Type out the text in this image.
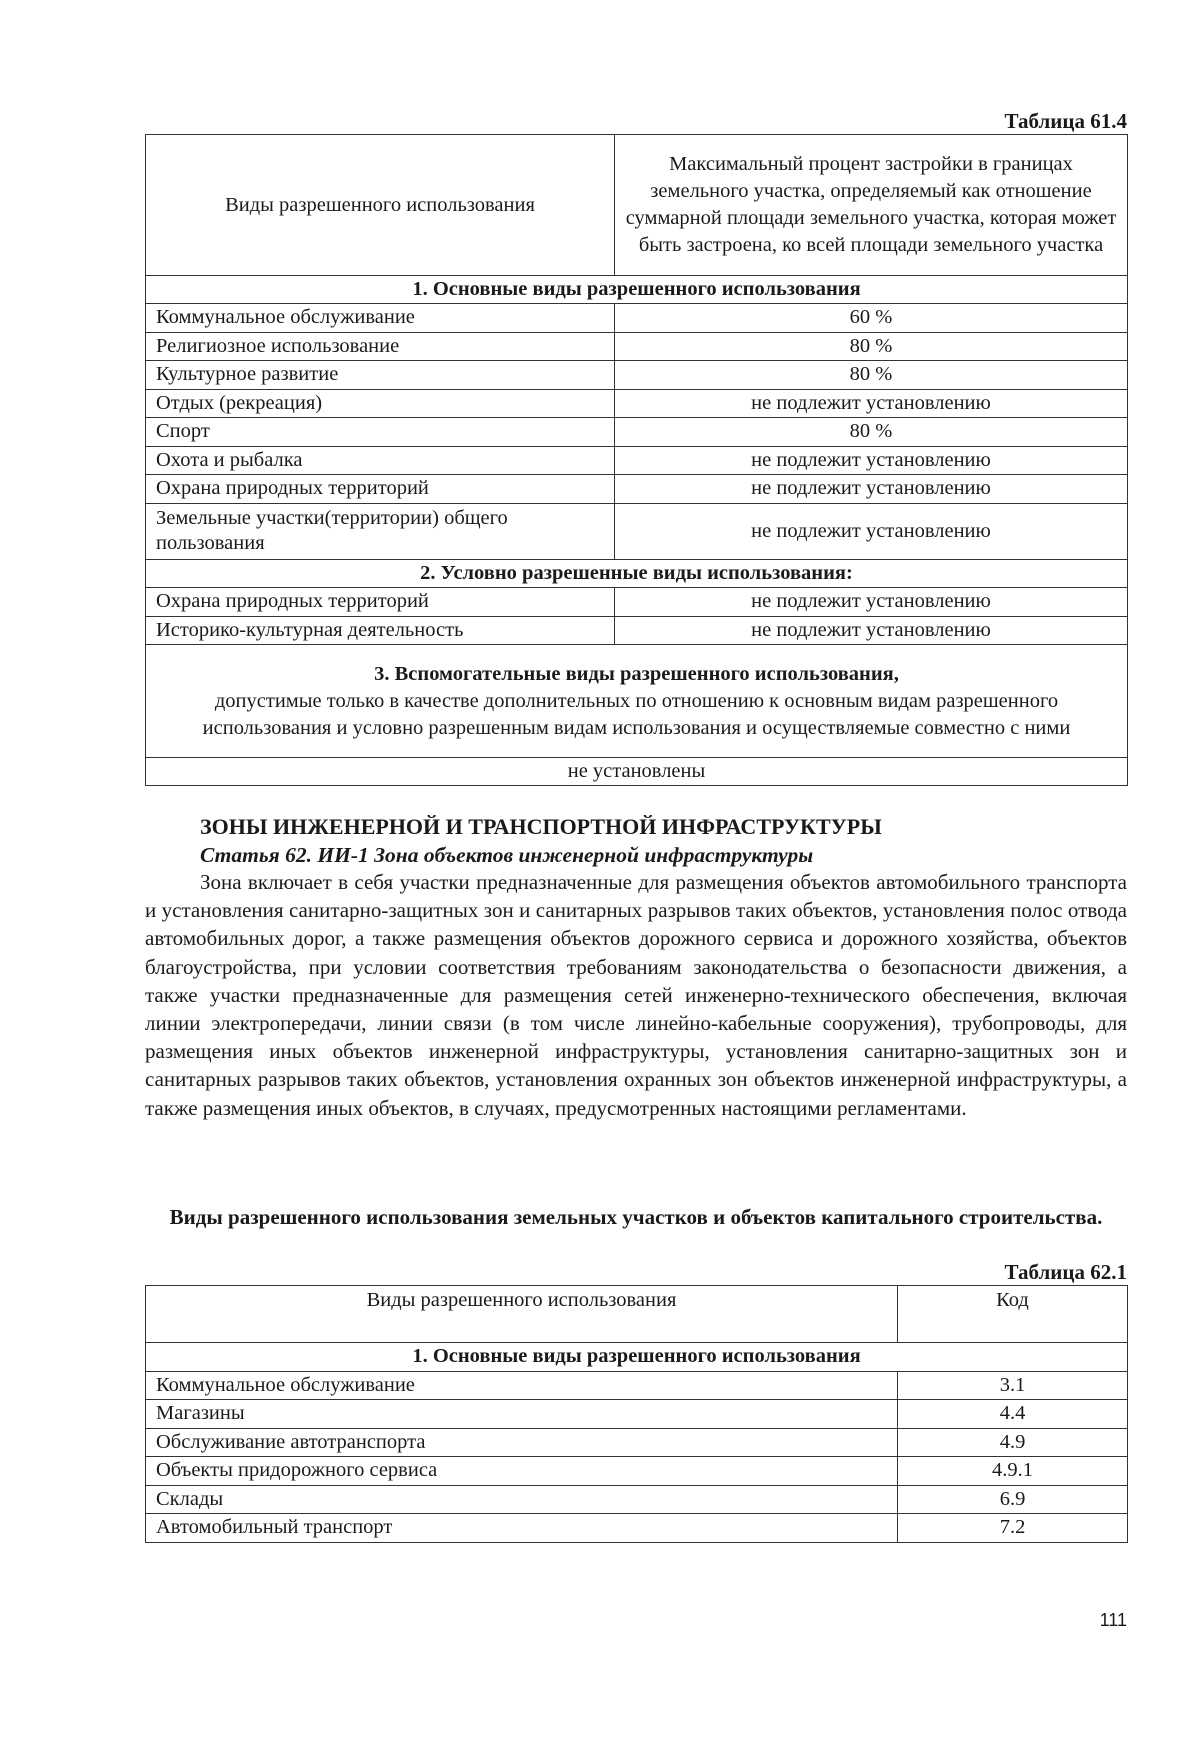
Таблица 61.4
Виды разрешенного использования	Максимальный процент застройки в границах земельного участка, определяемый как отношение суммарной площади земельного участка, которая может быть застроена, ко всей площади земельного участка
1. Основные виды разрешенного использования	
Коммунальное обслуживание	60 %
Религиозное использование	80 %
Культурное развитие	80 %
Отдых (рекреация)	не подлежит установлению
Спорт	80 %
Охота и рыбалка	не подлежит установлению
Охрана природных территорий	не подлежит установлению
Земельные участки(территории) общего пользования	не подлежит установлению
2. Условно разрешенные виды использования:	
Охрана природных территорий	не подлежит установлению
Историко-культурная деятельность	не подлежит установлению
3. Вспомогательные виды разрешенного использования,
допустимые только в качестве дополнительных по отношению к основным видам разрешенного использования и условно разрешенным видам использования и осуществляемые совместно с ними	
не установлены	
ЗОНЫ ИНЖЕНЕРНОЙ И ТРАНСПОРТНОЙ ИНФРАСТРУКТУРЫ
Статья 62. ИИ-1 Зона объектов инженерной инфраструктуры

Зона включает в себя участки предназначенные для размещения объектов автомобильного транспорта и установления санитарно-защитных зон и санитарных разрывов таких объектов, установления полос отвода автомобильных дорог, а также размещения объектов дорожного сервиса и дорожного хозяйства, объектов благоустройства, при условии соответствия требованиям законодательства о безопасности движения, а также участки предназначенные для размещения сетей инженерно-технического обеспечения, включая линии электропередачи, линии связи (в том числе линейно-кабельные сооружения), трубопроводы, для размещения иных объектов инженерной инфраструктуры, установления санитарно-защитных зон и санитарных разрывов таких объектов, установления охранных зон объектов инженерной инфраструктуры, а также размещения иных объектов, в случаях, предусмотренных настоящими регламентами.

Виды разрешенного использования земельных участков и объектов капитального строительства.
Таблица 62.1
Виды разрешенного использования	Код
1. Основные виды разрешенного использования	
Коммунальное обслуживание	3.1
Магазины	4.4
Обслуживание автотранспорта	4.9
Объекты придорожного сервиса	4.9.1
Склады	6.9
Автомобильный транспорт	7.2
111
